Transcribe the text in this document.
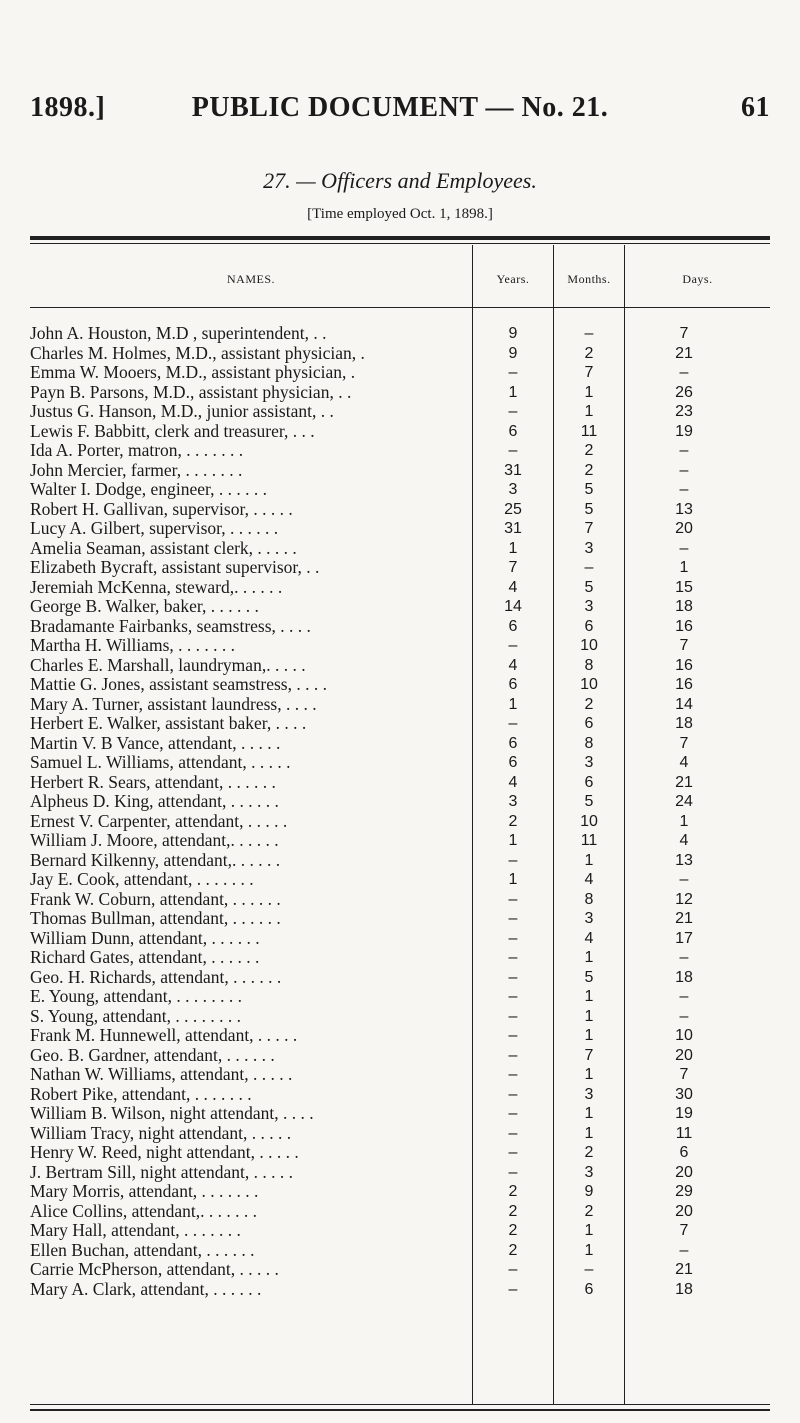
1898.]	PUBLIC DOCUMENT — No. 21.	61
27. — Officers and Employees.
[Time employed Oct. 1, 1898.]
NAMES.	Years.	Months.	Days.
John A. Houston, M.D , superintendent, . .	9	–	7
Charles M. Holmes, M.D., assistant physician, .	9	2	21
Emma W. Mooers, M.D., assistant physician, .	–	7	–
Payn B. Parsons, M.D., assistant physician, . .	1	1	26
Justus G. Hanson, M.D., junior assistant, . .	–	1	23
Lewis F. Babbitt, clerk and treasurer, . . .	6	11	19
Ida A. Porter, matron, . . . . . . .	–	2	–
John Mercier, farmer, . . . . . . .	31	2	–
Walter I. Dodge, engineer, . . . . . .	3	5	–
Robert H. Gallivan, supervisor, . . . . .	25	5	13
Lucy A. Gilbert, supervisor, . . . . . .	31	7	20
Amelia Seaman, assistant clerk, . . . . .	1	3	–
Elizabeth Bycraft, assistant supervisor, . .	7	–	1
Jeremiah McKenna, steward,. . . . . .	4	5	15
George B. Walker, baker, . . . . . .	14	3	18
Bradamante Fairbanks, seamstress, . . . .	6	6	16
Martha H. Williams, . . . . . . .	–	10	7
Charles E. Marshall, laundryman,. . . . .	4	8	16
Mattie G. Jones, assistant seamstress, . . . .	6	10	16
Mary A. Turner, assistant laundress, . . . .	1	2	14
Herbert E. Walker, assistant baker, . . . .	–	6	18
Martin V. B Vance, attendant, . . . . .	6	8	7
Samuel L. Williams, attendant, . . . . .	6	3	4
Herbert R. Sears, attendant, . . . . . .	4	6	21
Alpheus D. King, attendant, . . . . . .	3	5	24
Ernest V. Carpenter, attendant, . . . . .	2	10	1
William J. Moore, attendant,. . . . . .	1	11	4
Bernard Kilkenny, attendant,. . . . . .	–	1	13
Jay E. Cook, attendant, . . . . . . .	1	4	–
Frank W. Coburn, attendant, . . . . . .	–	8	12
Thomas Bullman, attendant, . . . . . .	–	3	21
William Dunn, attendant, . . . . . .	–	4	17
Richard Gates, attendant, . . . . . .	–	1	–
Geo. H. Richards, attendant, . . . . . .	–	5	18
E. Young, attendant, . . . . . . . .	–	1	–
S. Young, attendant, . . . . . . . .	–	1	–
Frank M. Hunnewell, attendant, . . . . .	–	1	10
Geo. B. Gardner, attendant, . . . . . .	–	7	20
Nathan W. Williams, attendant, . . . . .	–	1	7
Robert Pike, attendant, . . . . . . .	–	3	30
William B. Wilson, night attendant, . . . .	–	1	19
William Tracy, night attendant, . . . . .	–	1	11
Henry W. Reed, night attendant, . . . . .	–	2	6
J. Bertram Sill, night attendant, . . . . .	–	3	20
Mary Morris, attendant, . . . . . . .	2	9	29
Alice Collins, attendant,. . . . . . .	2	2	20
Mary Hall, attendant, . . . . . . .	2	1	7
Ellen Buchan, attendant, . . . . . .	2	1	–
Carrie McPherson, attendant, . . . . .	–	–	21
Mary A. Clark, attendant, . . . . . .	–	6	18
